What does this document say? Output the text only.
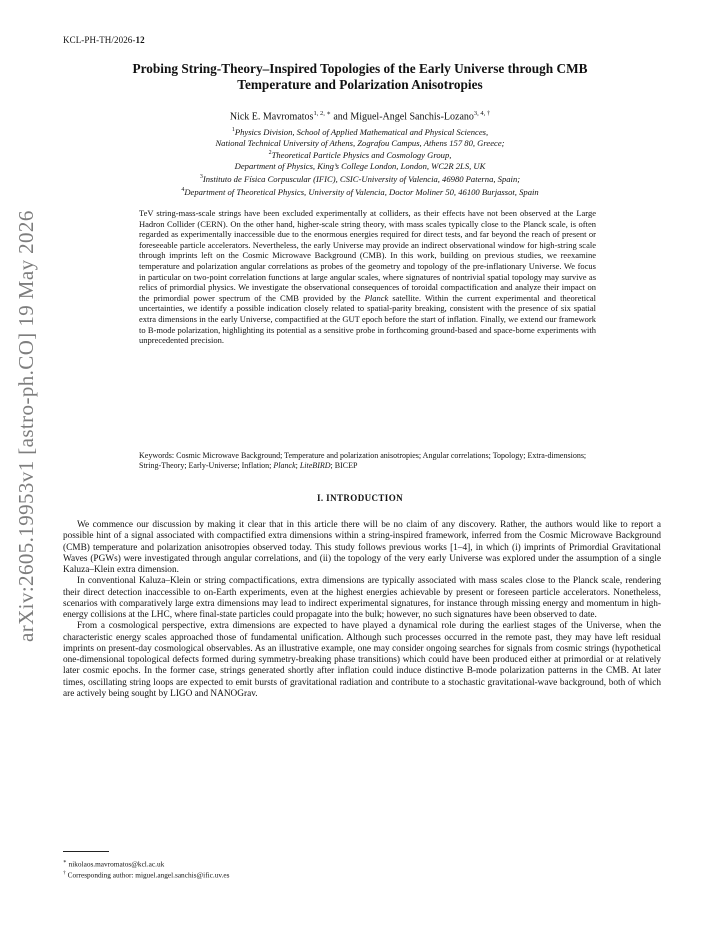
KCL-PH-TH/2026-12
Probing String-Theory–Inspired Topologies of the Early Universe through CMB
Temperature and Polarization Anisotropies
Nick E. Mavromatos$^{1, 2, ∗}$ and Miguel-Angel Sanchis-Lozano$^{3, 4, \dagger}$
$^1$Physics Division, School of Applied Mathematical and Physical Sciences,
National Technical University of Athens, Zografou Campus, Athens 157 80, Greece;
$^2$Theoretical Particle Physics and Cosmology Group,
Department of Physics, King’s College London, London, WC2R 2LS, UK
$^3$Instituto de Física Corpuscular (IFIC), CSIC-University of Valencia, 46980 Paterna, Spain;
$^4$Department of Theoretical Physics, University of Valencia, Doctor Moliner 50, 46100 Burjassot, Spain
TeV string-mass-scale strings have been excluded experimentally at colliders, as their effects have not been observed at the Large Hadron Collider (CERN). On the other hand, higher-scale string theory, with mass scales typically close to the Planck scale, is often regarded as experimentally inaccessible due to the enormous energies required for direct tests, and far beyond the reach of present or foreseeable particle accelerators. Nevertheless, the early Universe may provide an indirect observational window for high-string scale through imprints left on the Cosmic Microwave Background (CMB). In this work, building on previous studies, we reexamine temperature and polarization angular correlations as probes of the geometry and topology of the pre-inflationary Universe. We focus in particular on two-point correlation functions at large angular scales, where signatures of nontrivial spatial topology may survive as relics of primordial physics. We investigate the observational consequences of toroidal compactification and analyze their impact on the primordial power spectrum of the CMB provided by the Planck satellite. Within the current experimental and theoretical uncertainties, we identify a possible indication closely related to spatial-parity breaking, consistent with the presence of six spatial extra dimensions in the early Universe, compactified at the GUT epoch before the start of inflation. Finally, we extend our framework to B-mode polarization, highlighting its potential as a sensitive probe in forthcoming ground-based and space-borne experiments with unprecedented precision.
Keywords: Cosmic Microwave Background; Temperature and polarization anisotropies; Angular correlations; Topology; Extra-dimensions; String-Theory; Early-Universe; Inflation; Planck; LiteBIRD; BICEP
arXiv:2605.19953v1 [astro-ph.CO] 19 May 2026	I. INTRODUCTION

We commence our discussion by making it clear that in this article there will be no claim of any discovery. Rather, the authors would like to report a possible hint of a signal associated with compactified extra dimensions within a string-inspired framework, inferred from the Cosmic Microwave Background (CMB) temperature and polarization anisotropies observed today. This study follows previous works [1–4], in which (i) imprints of Primordial Gravitational Waves (PGWs) were investigated through angular correlations, and (ii) the topology of the very early Universe was explored under the assumption of a single Kaluza–Klein extra dimension.

In conventional Kaluza–Klein or string compactifications, extra dimensions are typically associated with mass scales close to the Planck scale, rendering their direct detection inaccessible to on-Earth experiments, even at the highest energies achievable by present or foreseen particle accelerators. Nonetheless, scenarios with comparatively large extra dimensions may lead to indirect experimental signatures, for instance through missing energy and momentum in high-energy collisions at the LHC, where final-state particles could propagate into the bulk; however, no such signatures have been observed to date.

From a cosmological perspective, extra dimensions are expected to have played a dynamical role during the earliest stages of the Universe, when the characteristic energy scales approached those of fundamental unification. Although such processes occurred in the remote past, they may have left residual imprints on present-day cosmological observables. As an illustrative example, one may consider ongoing searches for signals from cosmic strings (hypothetical one-dimensional topological defects formed during symmetry-breaking phase transitions) which could have been produced either at primordial or at relatively later cosmic epochs. In the former case, strings generated shortly after inflation could induce distinctive B-mode polarization patterns in the CMB. At later times, oscillating string loops are expected to emit bursts of gravitational radiation and contribute to a stochastic gravitational-wave background, both of which are actively being sought by LIGO and NANOGrav.

∗ nikolaos.mavromatos@kcl.ac.uk
† Corresponding author: miguel.angel.sanchis@ific.uv.es
